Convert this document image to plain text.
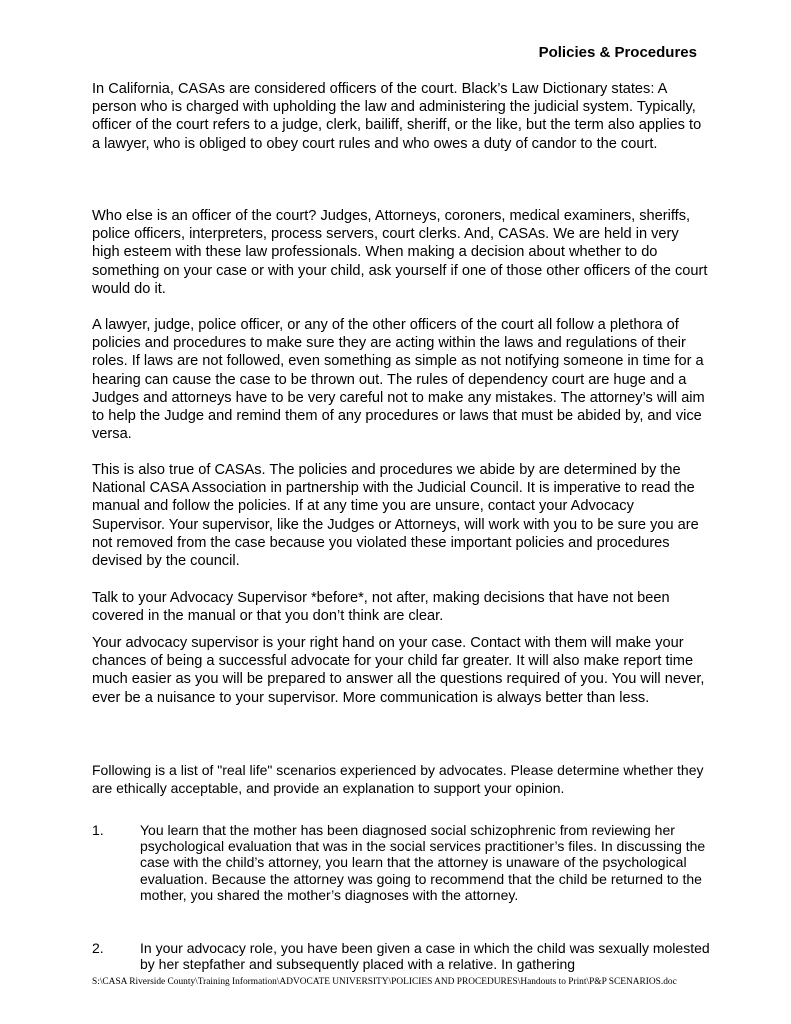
Policies & Procedures

In California, CASAs are considered officers of the court. Black’s Law Dictionary states: A person who is charged with upholding the law and administering the judicial system. Typically, officer of the court refers to a judge, clerk, bailiff, sheriff, or the like, but the term also applies to a lawyer, who is obliged to obey court rules and who owes a duty of candor to the court.

Who else is an officer of the court? Judges, Attorneys, coroners, medical examiners, sheriffs, police officers, interpreters, process servers, court clerks. And, CASAs. We are held in very high esteem with these law professionals. When making a decision about whether to do something on your case or with your child, ask yourself if one of those other officers of the court would do it.

A lawyer, judge, police officer, or any of the other officers of the court all follow a plethora of policies and procedures to make sure they are acting within the laws and regulations of their roles. If laws are not followed, even something as simple as not notifying someone in time for a hearing can cause the case to be thrown out. The rules of dependency court are huge and a Judges and attorneys have to be very careful not to make any mistakes. The attorney’s will aim to help the Judge and remind them of any procedures or laws that must be abided by, and vice versa.

This is also true of CASAs. The policies and procedures we abide by are determined by the National CASA Association in partnership with the Judicial Council. It is imperative to read the manual and follow the policies. If at any time you are unsure, contact your Advocacy Supervisor. Your supervisor, like the Judges or Attorneys, will work with you to be sure you are not removed from the case because you violated these important policies and procedures devised by the council.

Talk to your Advocacy Supervisor *before*, not after, making decisions that have not been covered in the manual or that you don’t think are clear.

Your advocacy supervisor is your right hand on your case. Contact with them will make your chances of being a successful advocate for your child far greater. It will also make report time much easier as you will be prepared to answer all the questions required of you. You will never, ever be a nuisance to your supervisor. More communication is always better than less.

Following is a list of "real life" scenarios experienced by advocates. Please determine whether they are ethically acceptable, and provide an explanation to support your opinion.

1.	You learn that the mother has been diagnosed social schizophrenic from reviewing her psychological evaluation that was in the social services practitioner’s files. In discussing the case with the child’s attorney, you learn that the attorney is unaware of the psychological evaluation. Because the attorney was going to recommend that the child be returned to the mother, you shared the mother’s diagnoses with the attorney.
2.	In your advocacy role, you have been given a case in which the child was sexually molested by her stepfather and subsequently placed with a relative. In gathering
S:\CASA Riverside County\Training Information\ADVOCATE UNIVERSITY\POLICIES AND PROCEDURES\Handouts to Print\P&P SCENARIOS.doc
